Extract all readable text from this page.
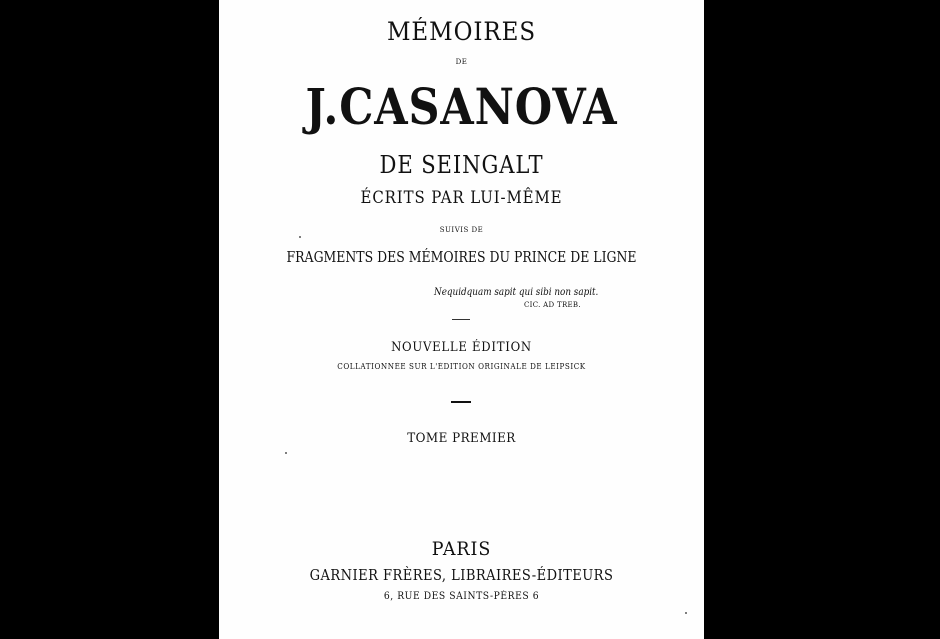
MÉMOIRES

DE

J.CASANOVA

DE SEINGALT

ÉCRITS PAR LUI-MÊME

SUIVIS DE

FRAGMENTS DES MÉMOIRES DU PRINCE DE LIGNE

Nequidquam sapit qui sibi non sapit.

CIC. AD TREB.

NOUVELLE ÉDITION

COLLATIONNÉE SUR L'ÉDITION ORIGINALE DE LEIPSICK

TOME PREMIER

PARIS

GARNIER FRÈRES, LIBRAIRES-ÉDITEURS

6, RUE DES SAINTS-PÈRES 6
